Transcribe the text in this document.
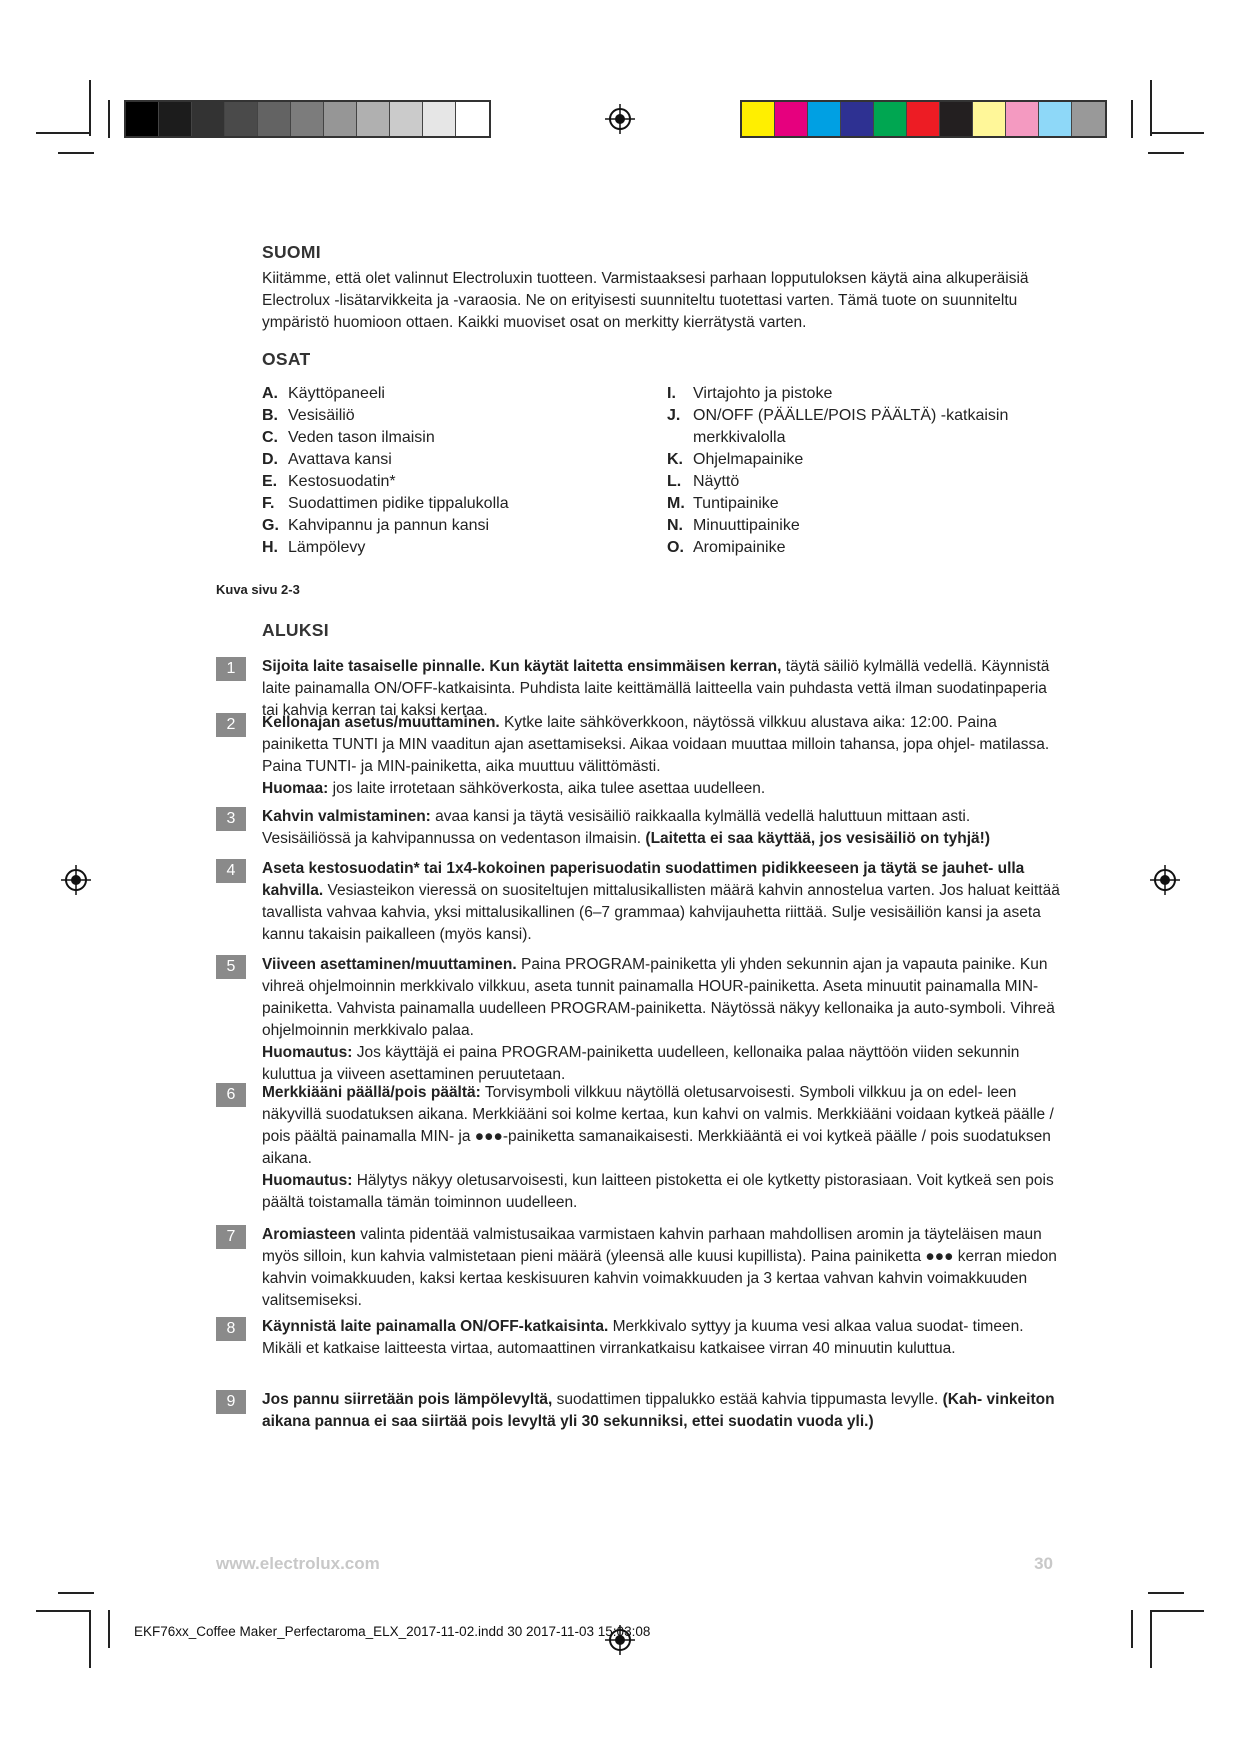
SUOMI
Kiitämme, että olet valinnut Electroluxin tuotteen. Varmistaaksesi parhaan lopputuloksen käytä aina alkuperäisiä Electrolux -lisätarvikkeita ja -varaosia. Ne on erityisesti suunniteltu tuotettasi varten. Tämä tuote on suunniteltu ympäristö huomioon ottaen. Kaikki muoviset osat on merkitty kierrätystä varten.
OSAT
A. Käyttöpaneeli
B. Vesisäiliö
C. Veden tason ilmaisin
D. Avattava kansi
E. Kestosuodatin*
F. Suodattimen pidike tippalukolla
G. Kahvipannu ja pannun kansi
H. Lämpölevy
I.	Virtajohto ja pistoke
J. ON/OFF (PÄÄLLE/POIS PÄÄLTÄ) -katkaisin merkkivalolla
K. Ohjelmapainike
L. Näyttö
M. Tuntipainike
N. Minuuttipainike
O. Aromipainike
Kuva sivu 2-3
ALUKSI
1	Sijoita laite tasaiselle pinnalle. Kun käytät laitetta ensimmäisen kerran, täytä säiliö kylmällä vedellä. Käynnistä laite painamalla ON/OFF-katkaisinta. Puhdista laite keittämällä laitteella vain puhdasta vettä ilman suodatinpaperia tai kahvia kerran tai kaksi kertaa.
2	Kellonajan asetus/muuttaminen. Kytke laite sähköverkkoon, näytössä vilkkuu alustava aika: 12:00. Paina painiketta TUNTI ja MIN vaaditun ajan asettamiseksi. Aikaa voidaan muuttaa milloin tahansa, jopa ohjel- matilassa. Paina TUNTI- ja MIN-painiketta, aika muuttuu välittömästi.
Huomaa: jos laite irrotetaan sähköverkosta, aika tulee asettaa uudelleen.
3	Kahvin valmistaminen: avaa kansi ja täytä vesisäiliö raikkaalla kylmällä vedellä haluttuun mittaan asti. Vesisäiliössä ja kahvipannussa on vedentason ilmaisin. (Laitetta ei saa käyttää, jos vesisäiliö on tyhjä!)
4	Aseta kestosuodatin* tai 1x4-kokoinen paperisuodatin suodattimen pidikkeeseen ja täytä se jauhet- ulla kahvilla. Vesiasteikon vieressä on suositeltujen mittalusikallisten määrä kahvin annostelua varten. Jos haluat keittää tavallista vahvaa kahvia, yksi mittalusikallinen (6–7 grammaa) kahvijauhetta riittää. Sulje vesisäiliön kansi ja aseta kannu takaisin paikalleen (myös kansi).
5	Viiveen asettaminen/muuttaminen. Paina PROGRAM-painiketta yli yhden sekunnin ajan ja vapauta painike. Kun vihreä ohjelmoinnin merkkivalo vilkkuu, aseta tunnit painamalla HOUR-painiketta. Aseta minuutit painamalla MIN-painiketta. Vahvista painamalla uudelleen PROGRAM-painiketta. Näytössä näkyy kellonaika ja auto-symboli. Vihreä ohjelmoinnin merkkivalo palaa.
Huomautus: Jos käyttäjä ei paina PROGRAM-painiketta uudelleen, kellonaika palaa näyttöön viiden sekunnin kuluttua ja viiveen asettaminen peruutetaan.
6	Merkkiääni päällä/pois päältä: Torvisymboli vilkkuu näytöllä oletusarvoisesti. Symboli vilkkuu ja on edel- leen näkyvillä suodatuksen aikana. Merkkiääni soi kolme kertaa, kun kahvi on valmis. Merkkiääni voidaan kytkeä päälle / pois päältä painamalla MIN- ja ●●●-painiketta samanaikaisesti. Merkkiääntä ei voi kytkeä päälle / pois suodatuksen aikana.
Huomautus: Hälytys näkyy oletusarvoisesti, kun laitteen pistoketta ei ole kytketty pistorasiaan. Voit kytkeä sen pois päältä toistamalla tämän toiminnon uudelleen.
7	Aromiasteen valinta pidentää valmistusaikaa varmistaen kahvin parhaan mahdollisen aromin ja täyteläisen maun myös silloin, kun kahvia valmistetaan pieni määrä (yleensä alle kuusi kupillista). Paina painiketta ●●● kerran miedon kahvin voimakkuuden, kaksi kertaa keskisuuren kahvin voimakkuuden ja 3 kertaa vahvan kahvin voimakkuuden valitsemiseksi.
8	Käynnistä laite painamalla ON/OFF-katkaisinta. Merkkivalo syttyy ja kuuma vesi alkaa valua suodat- timeen. Mikäli et katkaise laitteesta virtaa, automaattinen virrankatkaisu katkaisee virran 40 minuutin kuluttua.
9	Jos pannu siirretään pois lämpölevyltä, suodattimen tippalukko estää kahvia tippumasta levylle. (Kah- vinkeiton aikana pannua ei saa siirtää pois levyltä yli 30 sekunniksi, ettei suodatin vuoda yli.)
www.electrolux.com	30
EKF76xx_Coffee Maker_Perfectaroma_ELX_2017-11-02.indd 30 2017-11-03 15:03:08
